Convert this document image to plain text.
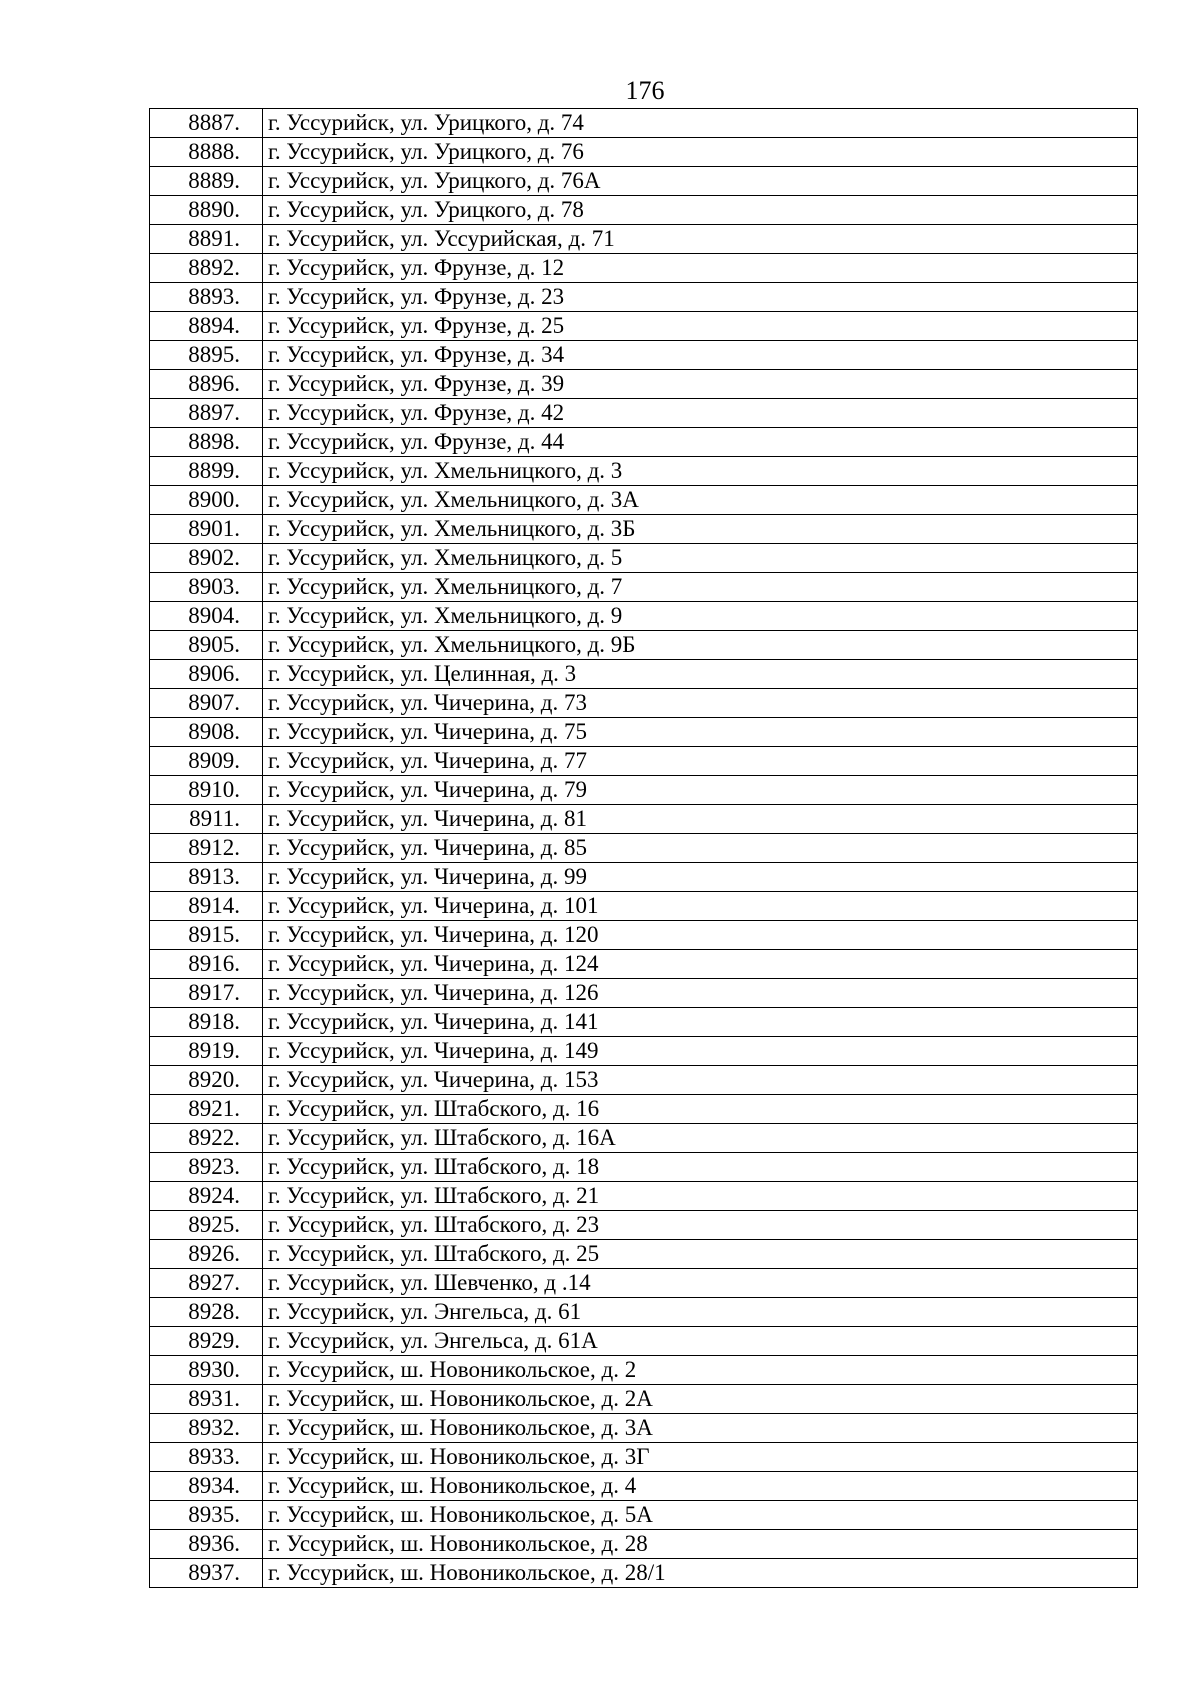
176
8887.	г. Уссурийск, ул. Урицкого, д. 74
8888.	г. Уссурийск, ул. Урицкого, д. 76
8889.	г. Уссурийск, ул. Урицкого, д. 76А
8890.	г. Уссурийск, ул. Урицкого, д. 78
8891.	г. Уссурийск, ул. Уссурийская, д. 71
8892.	г. Уссурийск, ул. Фрунзе, д. 12
8893.	г. Уссурийск, ул. Фрунзе, д. 23
8894.	г. Уссурийск, ул. Фрунзе, д. 25
8895.	г. Уссурийск, ул. Фрунзе, д. 34
8896.	г. Уссурийск, ул. Фрунзе, д. 39
8897.	г. Уссурийск, ул. Фрунзе, д. 42
8898.	г. Уссурийск, ул. Фрунзе, д. 44
8899.	г. Уссурийск, ул. Хмельницкого, д. 3
8900.	г. Уссурийск, ул. Хмельницкого, д. 3А
8901.	г. Уссурийск, ул. Хмельницкого, д. 3Б
8902.	г. Уссурийск, ул. Хмельницкого, д. 5
8903.	г. Уссурийск, ул. Хмельницкого, д. 7
8904.	г. Уссурийск, ул. Хмельницкого, д. 9
8905.	г. Уссурийск, ул. Хмельницкого, д. 9Б
8906.	г. Уссурийск, ул. Целинная, д. 3
8907.	г. Уссурийск, ул. Чичерина, д. 73
8908.	г. Уссурийск, ул. Чичерина, д. 75
8909.	г. Уссурийск, ул. Чичерина, д. 77
8910.	г. Уссурийск, ул. Чичерина, д. 79
8911.	г. Уссурийск, ул. Чичерина, д. 81
8912.	г. Уссурийск, ул. Чичерина, д. 85
8913.	г. Уссурийск, ул. Чичерина, д. 99
8914.	г. Уссурийск, ул. Чичерина, д. 101
8915.	г. Уссурийск, ул. Чичерина, д. 120
8916.	г. Уссурийск, ул. Чичерина, д. 124
8917.	г. Уссурийск, ул. Чичерина, д. 126
8918.	г. Уссурийск, ул. Чичерина, д. 141
8919.	г. Уссурийск, ул. Чичерина, д. 149
8920.	г. Уссурийск, ул. Чичерина, д. 153
8921.	г. Уссурийск, ул. Штабского, д. 16
8922.	г. Уссурийск, ул. Штабского, д. 16А
8923.	г. Уссурийск, ул. Штабского, д. 18
8924.	г. Уссурийск, ул. Штабского, д. 21
8925.	г. Уссурийск, ул. Штабского, д. 23
8926.	г. Уссурийск, ул. Штабского, д. 25
8927.	г. Уссурийск, ул. Шевченко, д .14
8928.	г. Уссурийск, ул. Энгельса, д. 61
8929.	г. Уссурийск, ул. Энгельса, д. 61А
8930.	г. Уссурийск, ш. Новоникольское, д. 2
8931.	г. Уссурийск, ш. Новоникольское, д. 2А
8932.	г. Уссурийск, ш. Новоникольское, д. 3А
8933.	г. Уссурийск, ш. Новоникольское, д. 3Г
8934.	г. Уссурийск, ш. Новоникольское, д. 4
8935.	г. Уссурийск, ш. Новоникольское, д. 5А
8936.	г. Уссурийск, ш. Новоникольское, д. 28
8937.	г. Уссурийск, ш. Новоникольское, д. 28/1
